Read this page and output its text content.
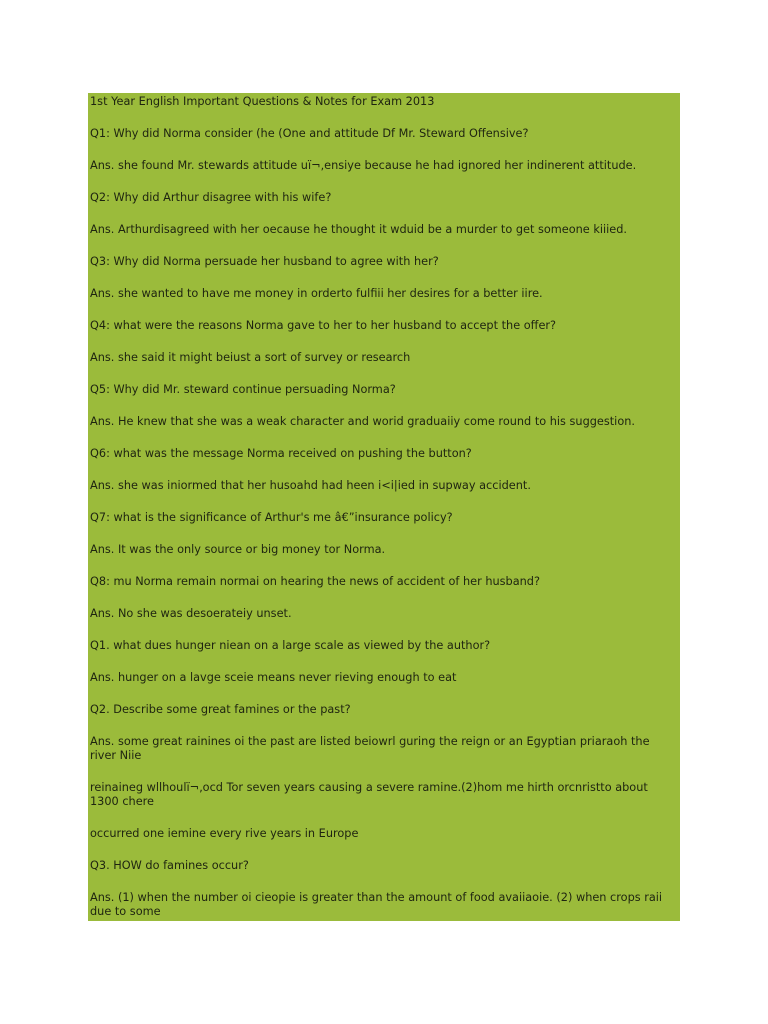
1st Year English Important Questions & Notes for Exam 2013
Q1: Why did Norma consider (he (One and attitude Df Mr. Steward Offensive?
Ans. she found Mr. stewards attitude uï¬‚ensiye because he had ignored her indinerent attitude.
Q2: Why did Arthur disagree with his wife?
Ans. Arthurdisagreed with her oecause he thought it wduid be a murder to get someone kiiied.
Q3: Why did Norma persuade her husband to agree with her?
Ans. she wanted to have me money in orderto fulfiii her desires for a better iire.
Q4: what were the reasons Norma gave to her to her husband to accept the offer?
Ans. she said it might beiust a sort of survey or research
Q5: Why did Mr. steward continue persuading Norma?
Ans. He knew that she was a weak character and worid graduaiiy come round to his suggestion.
Q6: what was the message Norma received on pushing the button?
Ans. she was iniormed that her husoahd had heen i<i|ied in supway accident.
Q7: what is the significance of Arthur's me â€”insurance policy?
Ans. It was the only source or big money tor Norma.
Q8: mu Norma remain normai on hearing the news of accident of her husband?
Ans. No she was desoerateiy unset.
Q1. what dues hunger niean on a large scale as viewed by the author?
Ans. hunger on a lavge sceie means never rieving enough to eat
Q2. Describe some great famines or the past?
Ans. some great rainines oi the past are listed beiowrl guring the reign or an Egyptian priaraoh the river Niie
reinaineg wllhoulï¬‚ocd Tor seven years causing a severe ramine.(2)hom me hirth orcnristto about 1300 chere
occurred one iemine every rive years in Europe
Q3. HOW do famines occur?
Ans. (1) when the number oi cieopie is greater than the amount of food avaiiaoie. (2) when crops raii due to some
